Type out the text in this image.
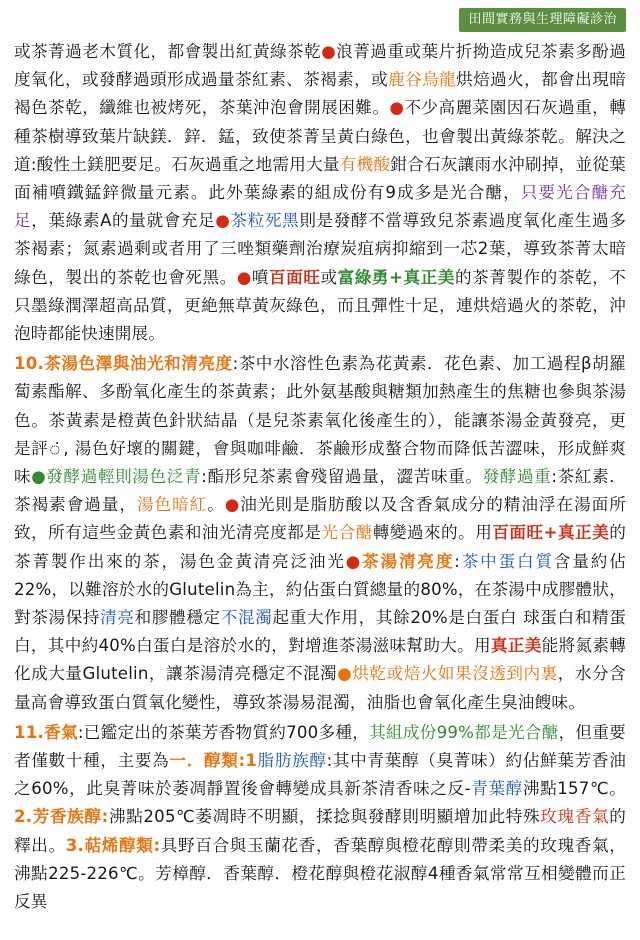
田間實務與生理障礙診治

或茶菁過老木質化，都會製出紅黃綠茶乾●浪菁過重或葉片折拗造成兒茶素多酚過度氧化，或發酵過頭形成過量茶紅素、茶褐素，或鹿谷烏龍烘焙過火，都會出現暗褐色茶乾，纖維也被烤死，茶葉沖泡會開展困難。●不少高麗菜園因石灰過重，轉種茶樹導致葉片缺鎂．鋅．錳，致使茶菁呈黃白綠色，也會製出黃綠茶乾。解決之道:酸性土鎂肥要足。石灰過重之地需用大量有機酸鉗合石灰讓雨水沖刷掉，並從葉面補噴鐵錳鋅微量元素。此外葉綠素的組成份有9成多是光合醣，只要光合醣充足，葉綠素A的量就會充足●茶粒死黑則是發酵不當導致兒茶素過度氧化產生過多茶褐素；氮素過剩或者用了三唑類藥劑治療炭疽病抑縮到一芯2葉，導致茶菁太暗綠色，製出的茶乾也會死黑。●噴百面旺或富綠勇+真正美的茶菁製作的茶乾，不只墨綠潤澤超高品質，更絶無草黃灰綠色，而且彈性十足，連烘焙過火的茶乾，沖泡時都能快速開展。

10.茶湯色澤與油光和清亮度:茶中水溶性色素為花黃素．花色素、加工過程β胡羅蔔素酯解、多酚氧化產生的茶黃素；此外氨基酸與糖類加熱產生的焦糖也參與茶湯色。茶黃素是橙黃色針狀結晶（是兒茶素氧化後產生的），能讓茶湯金黃發亮，更是評், 湯色好壞的關鍵，會與咖啡鹼．茶鹼形成螯合物而降低苦澀味，形成鮮爽味●發酵過輕則湯色泛青:酯形兒茶素會殘留過量，澀苦味重。發酵過重:茶紅素．茶褐素會過量，湯色暗紅。●油光則是脂肪酸以及含香氣成分的精油浮在湯面所致，所有這些金黃色素和油光清亮度都是光合醣轉變過來的。用百面旺+真正美的茶菁製作出來的茶，湯色金黃清亮泛油光●茶湯清亮度:茶中蛋白質含量約佔22%，以難溶於水的Glutelin為主，約佔蛋白質總量的80%，在茶湯中成膠體狀，對茶湯保持清亮和膠體穩定不混濁起重大作用，其餘20%是白蛋白 球蛋白和精蛋白，其中約40%白蛋白是溶於水的，對增進茶湯滋味幫助大。用真正美能將氮素轉化成大量Glutelin，讓茶湯清亮穩定不混濁●烘乾或焙火如果沒透到内裏，水分含量高會導致蛋白質氧化變性，導致茶湯易混濁，油脂也會氧化產生臭油餿味。

11.香氣:已鑑定出的茶葉芳香物質約700多種，其組成份99%都是光合醣，但重要者僅數十種，主要為一．醇類:1脂肪族醇:其中青葉醇（臭菁味）約佔鮮葉芳香油之60%，此臭菁味於萎凋靜置後會轉變成具新茶清香味之反-青葉醇沸點157℃。2.芳香族醇:沸點205℃萎凋時不明顯，揉捻與發酵則明顯增加此特殊玫瑰香氣的釋出。3.萜烯醇類:具野百合與玉蘭花香，香葉醇與橙花醇則帶柔美的玫瑰香氣，沸點225-226℃。芳樟醇．香葉醇．橙花醇與橙花淑醇4種香氣常常互相變體而正反異
